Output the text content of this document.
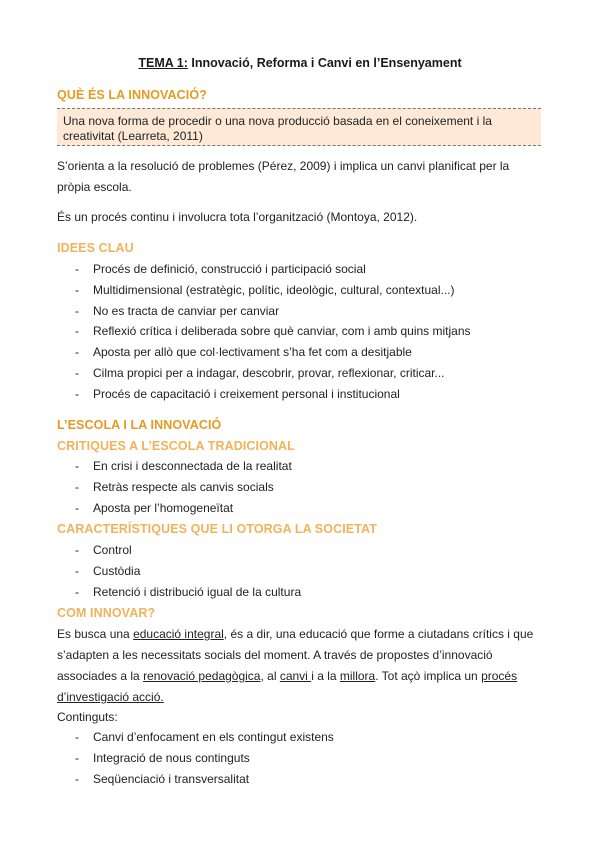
TEMA 1: Innovació, Reforma i Canvi en l’Ensenyament
QUÈ ÉS LA INNOVACIÓ?
Una nova forma de procedir o una nova producció basada en el coneixement i la creativitat (Learreta, 2011)
S’orienta a la resolució de problemes (Pérez, 2009) i implica un canvi planificat per la pròpia escola.
És un procés continu i involucra tota l’organització (Montoya, 2012).
IDEES CLAU
- Procés de definició, construcció i participació social
- Multidimensional (estratègic, polític, ideològic, cultural, contextual...)
- No es tracta de canviar per canviar
- Reflexió crítica i deliberada sobre què canviar, com i amb quins mitjans
- Aposta per allò que col·lectivament s’ha fet com a desitjable
- Cilma propici per a indagar, descobrir, provar, reflexionar, criticar...
- Procés de capacitació i creixement personal i institucional
L’ESCOLA I LA INNOVACIÓ
CRITIQUES A L’ESCOLA TRADICIONAL
- En crisi i desconnectada de la realitat
- Retràs respecte als canvis socials
- Aposta per l’homogeneïtat
CARACTERÍSTIQUES QUE LI OTORGA LA SOCIETAT
- Control
- Custòdia
- Retenció i distribució igual de la cultura
COM INNOVAR?
Es busca una educació integral, és a dir, una educació que forme a ciutadans crítics i que s’adapten a les necessitats socials del moment. A través de propostes d’innovació associades a la renovació pedagògica, al canvi i a la millora. Tot açò implica un procés d’investigació acció.
Continguts:
- Canvi d’enfocament en els contingut existens
- Integració de nous continguts
- Seqüenciació i transversalitat
